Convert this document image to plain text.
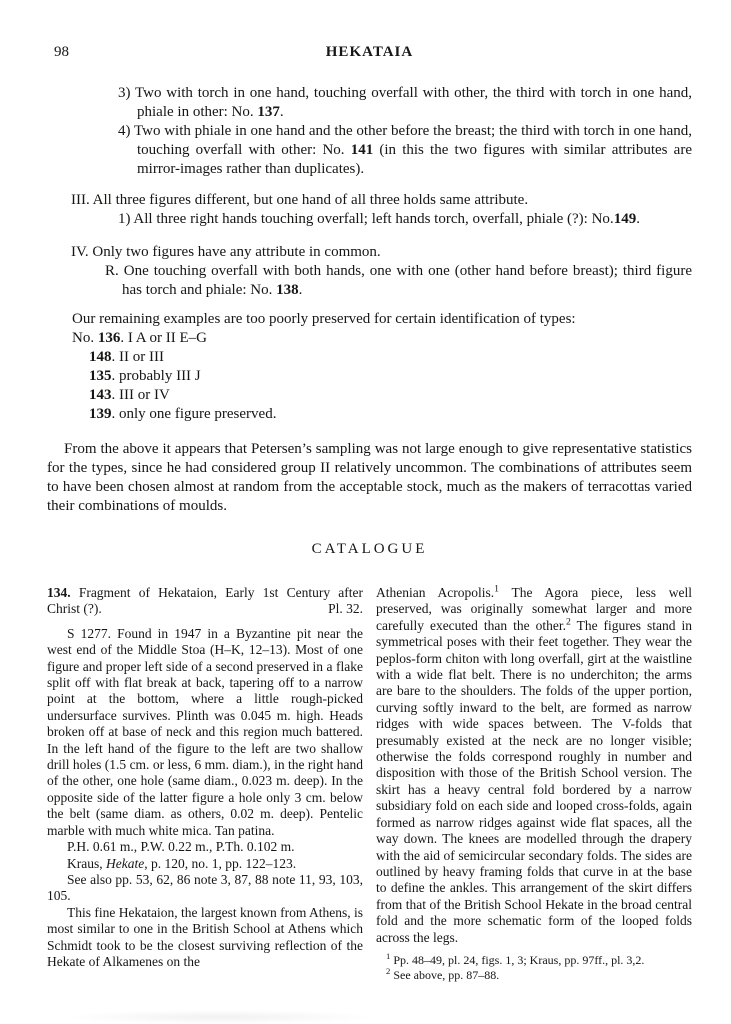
98	HEKATAIA

3) Two with torch in one hand, touching overfall with other, the third with torch in one hand, phiale in other: No. 137.

4) Two with phiale in one hand and the other before the breast; the third with torch in one hand, touching overfall with other: No. 141 (in this the two figures with similar attributes are mirror-images rather than duplicates).

III. All three figures different, but one hand of all three holds same attribute.

1) All three right hands touching overfall; left hands torch, overfall, phiale (?): No.149.

IV. Only two figures have any attribute in common.

R. One touching overfall with both hands, one with one (other hand before breast); third figure has torch and phiale: No. 138.

Our remaining examples are too poorly preserved for certain identification of types:

No. 136. I A or II E–G

148. II or III

135. probably III J

143. III or IV

139. only one figure preserved.

From the above it appears that Petersen’s sampling was not large enough to give representative statistics for the types, since he had considered group II relatively uncommon. The combinations of attributes seem to have been chosen almost at random from the acceptable stock, much as the makers of terracottas varied their combinations of moulds.

CATALOGUE
134. Fragment of Hekataion, Early 1st Century after Christ (?).	Pl. 32.

S 1277. Found in 1947 in a Byzantine pit near the west end of the Middle Stoa (H–K, 12–13). Most of one figure and proper left side of a second preserved in a flake split off with flat break at back, tapering off to a narrow point at the bottom, where a little rough-picked undersurface survives. Plinth was 0.045 m. high. Heads broken off at base of neck and this region much battered. In the left hand of the figure to the left are two shallow drill holes (1.5 cm. or less, 6 mm. diam.), in the right hand of the other, one hole (same diam., 0.023 m. deep). In the opposite side of the latter figure a hole only 3 cm. below the belt (same diam. as others, 0.02 m. deep). Pentelic marble with much white mica. Tan patina.

P.H. 0.61 m., P.W. 0.22 m., P.Th. 0.102 m.

Kraus, Hekate, p. 120, no. 1, pp. 122–123.

See also pp. 53, 62, 86 note 3, 87, 88 note 11, 93, 103, 105.

This fine Hekataion, the largest known from Athens, is most similar to one in the British School at Athens which Schmidt took to be the closest surviving reflection of the Hekate of Alkamenes on the

Athenian Acropolis.$^1$ The Agora piece, less well preserved, was originally somewhat larger and more carefully executed than the other.$^2$ The figures stand in symmetrical poses with their feet together. They wear the peplos-form chiton with long overfall, girt at the waistline with a wide flat belt. There is no underchiton; the arms are bare to the shoulders. The folds of the upper portion, curving softly inward to the belt, are formed as narrow ridges with wide spaces between. The V-folds that presumably existed at the neck are no longer visible; otherwise the folds correspond roughly in number and disposition with those of the British School version. The skirt has a heavy central fold bordered by a narrow subsidiary fold on each side and looped cross-folds, again formed as narrow ridges against wide flat spaces, all the way down. The knees are modelled through the drapery with the aid of semicircular secondary folds. The sides are outlined by heavy framing folds that curve in at the base to define the ankles. This arrangement of the skirt differs from that of the British School Hekate in the broad central fold and the more schematic form of the looped folds across the legs.

$^1$ Pp. 48–49, pl. 24, figs. 1, 3; Kraus, pp. 97ff., pl. 3,2.

$^2$ See above, pp. 87–88.
